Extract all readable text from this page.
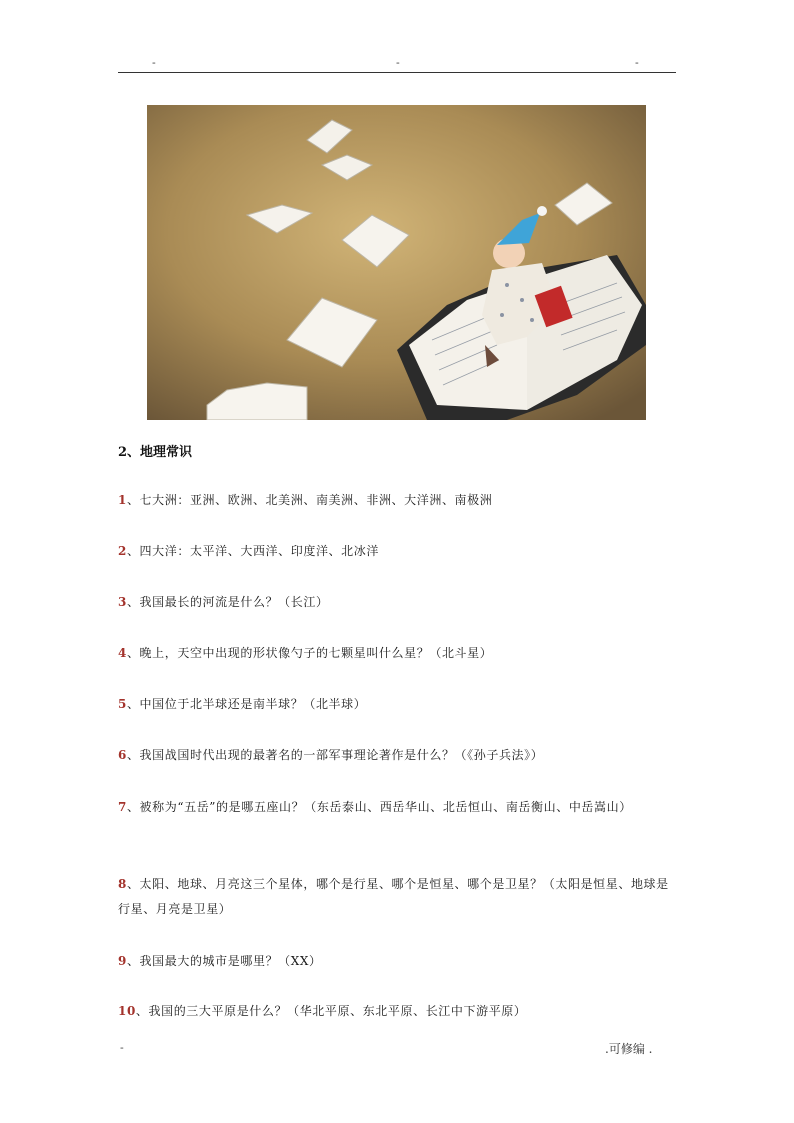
-	-	-
2、地理常识

1、七大洲：亚洲、欧洲、北美洲、南美洲、非洲、大洋洲、南极洲

2、四大洋：太平洋、大西洋、印度洋、北冰洋

3、我国最长的河流是什么？（长江）

4、晚上，天空中出现的形状像勺子的七颗星叫什么星？（北斗星）

5、中国位于北半球还是南半球？（北半球）

6、我国战国时代出现的最著名的一部军事理论著作是什么？（《孙子兵法》）

7、被称为“五岳”的是哪五座山？（东岳泰山、西岳华山、北岳恒山、南岳衡山、中岳嵩山）

8、太阳、地球、月亮这三个星体，哪个是行星、哪个是恒星、哪个是卫星？（太阳是恒星、地球是行星、月亮是卫星）

9、我国最大的城市是哪里？（XX）

10、我国的三大平原是什么？（华北平原、东北平原、长江中下游平原）

-	.可修编 .
